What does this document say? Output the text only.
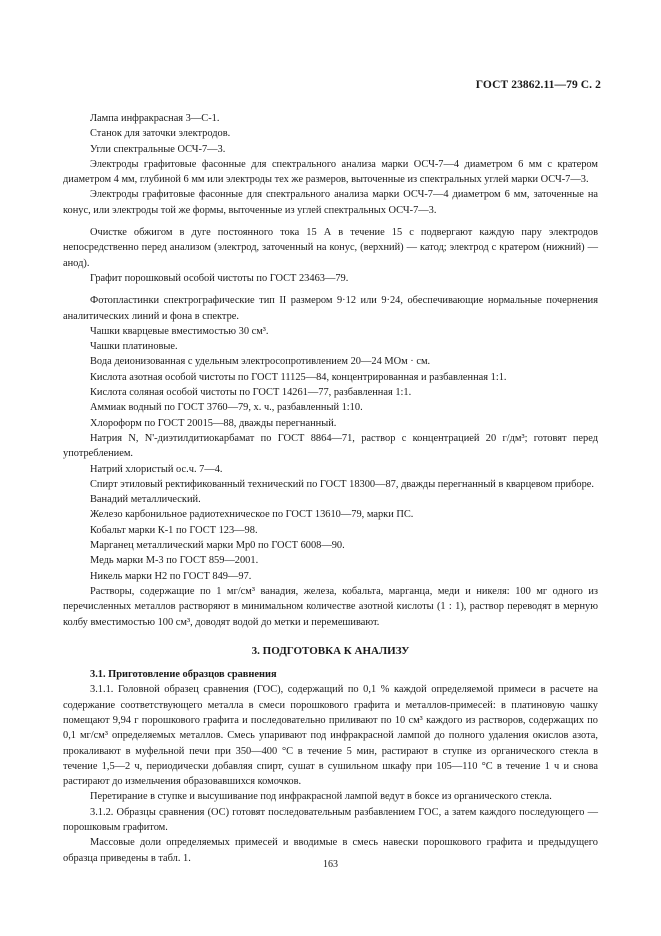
ГОСТ 23862.11—79 С. 2

Лампа инфракрасная 3—С-1.

Станок для заточки электродов.

Угли спектральные ОСЧ-7—3.

Электроды графитовые фасонные для спектрального анализа марки ОСЧ-7—4 диаметром 6 мм с кратером диаметром 4 мм, глубиной 6 мм или электроды тех же размеров, выточенные из спектральных углей марки ОСЧ-7—3.

Электроды графитовые фасонные для спектрального анализа марки ОСЧ-7—4 диаметром 6 мм, заточенные на конус, или электроды той же формы, выточенные из углей спектральных ОСЧ-7—3.

Очистке обжигом в дуге постоянного тока 15 А в течение 15 с подвергают каждую пару электродов непосредственно перед анализом (электрод, заточенный на конус, (верхний) — катод; электрод с кратером (нижний) — анод).

Графит порошковый особой чистоты по ГОСТ 23463—79.

Фотопластинки спектрографические тип II размером 9·12 или 9·24, обеспечивающие нормальные почернения аналитических линий и фона в спектре.

Чашки кварцевые вместимостью 30 см³.

Чашки платиновые.

Вода деионизованная с удельным электросопротивлением 20—24 МОм · см.

Кислота азотная особой чистоты по ГОСТ 11125—84, концентрированная и разбавленная 1:1.

Кислота соляная особой чистоты по ГОСТ 14261—77, разбавленная 1:1.

Аммиак водный по ГОСТ 3760—79, х. ч., разбавленный 1:10.

Хлороформ по ГОСТ 20015—88, дважды перегнанный.

Натрия N, N'-диэтилдитиокарбамат по ГОСТ 8864—71, раствор с концентрацией 20 г/дм³; готовят перед употреблением.

Натрий хлористый ос.ч. 7—4.

Спирт этиловый ректификованный технический по ГОСТ 18300—87, дважды перегнанный в кварцевом приборе.

Ванадий металлический.

Железо карбонильное радиотехническое по ГОСТ 13610—79, марки ПС.

Кобальт марки К-1 по ГОСТ 123—98.

Марганец металлический марки Мр0 по ГОСТ 6008—90.

Медь марки М-3 по ГОСТ 859—2001.

Никель марки Н2 по ГОСТ 849—97.

Растворы, содержащие по 1 мг/см³ ванадия, железа, кобальта, марганца, меди и никеля: 100 мг одного из перечисленных металлов растворяют в минимальном количестве азотной кислоты (1 : 1), раствор переводят в мерную колбу вместимостью 100 см³, доводят водой до метки и перемешивают.

3. ПОДГОТОВКА К АНАЛИЗУ

3.1. Приготовление образцов сравнения

3.1.1. Головной образец сравнения (ГОС), содержащий по 0,1 % каждой определяемой примеси в расчете на содержание соответствующего металла в смеси порошкового графита и металлов-примесей: в платиновую чашку помещают 9,94 г порошкового графита и последовательно приливают по 10 см³ каждого из растворов, содержащих по 0,1 мг/см³ определяемых металлов. Смесь упаривают под инфракрасной лампой до полного удаления окислов азота, прокаливают в муфельной печи при 350—400 °С в течение 5 мин, растирают в ступке из органического стекла в течение 1,5—2 ч, периодически добавляя спирт, сушат в сушильном шкафу при 105—110 °С в течение 1 ч и снова растирают до измельчения образовавшихся комочков.

Перетирание в ступке и высушивание под инфракрасной лампой ведут в боксе из органического стекла.

3.1.2. Образцы сравнения (ОС) готовят последовательным разбавлением ГОС, а затем каждого последующего — порошковым графитом.

Массовые доли определяемых примесей и вводимые в смесь навески порошкового графита и предыдущего образца приведены в табл. 1.

163
